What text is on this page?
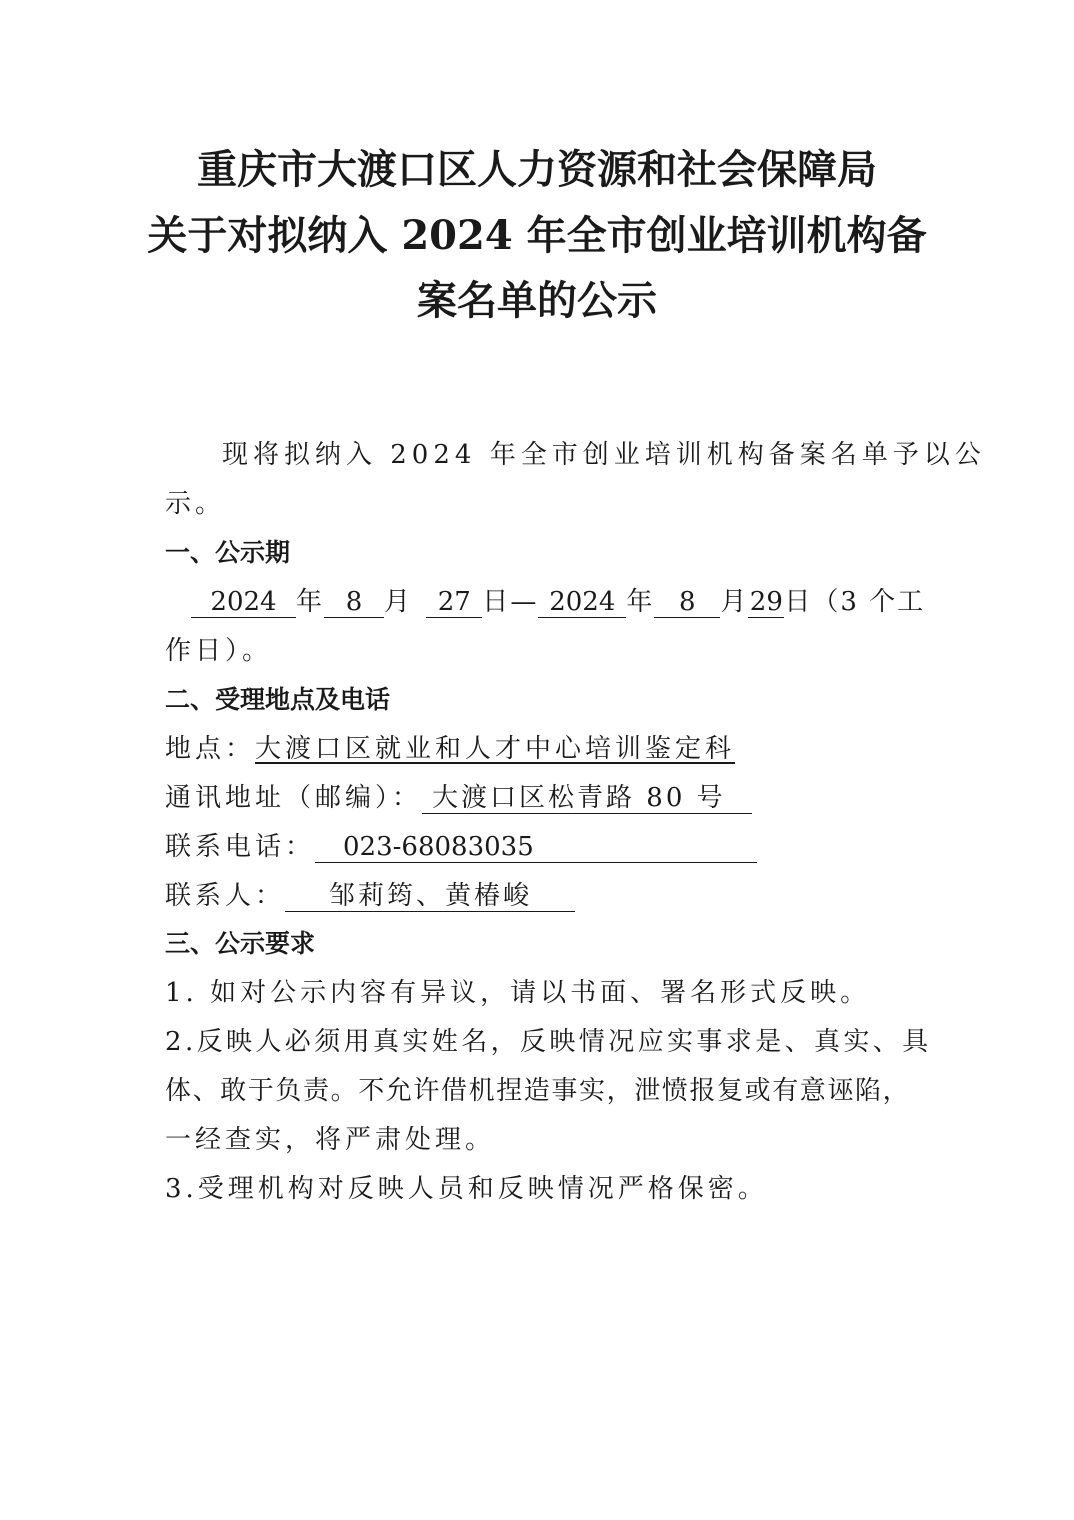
重庆市大渡口区人力资源和社会保障局
关于对拟纳入 2024 年全市创业培训机构备
案名单的公示
现将拟纳入 2024 年全市创业培训机构备案名单予以公
示。
一、公示期
2024 年 8 月 27 日— 2024 年 8 月29日（3 个工
作日）。
二、受理地点及电话
地点：大渡口区就业和人才中心培训鉴定科
通讯地址（邮编）： 大渡口区松青路 80 号
联系电话： 023-68083035
联系人： 邹莉筠、黄椿峻
三、公示要求
1. 如对公示内容有异议，请以书面、署名形式反映。
2.反映人必须用真实姓名，反映情况应实事求是、真实、具
体、敢于负责。不允许借机捏造事实，泄愤报复或有意诬陷，
一经查实，将严肃处理。
3.受理机构对反映人员和反映情况严格保密。
